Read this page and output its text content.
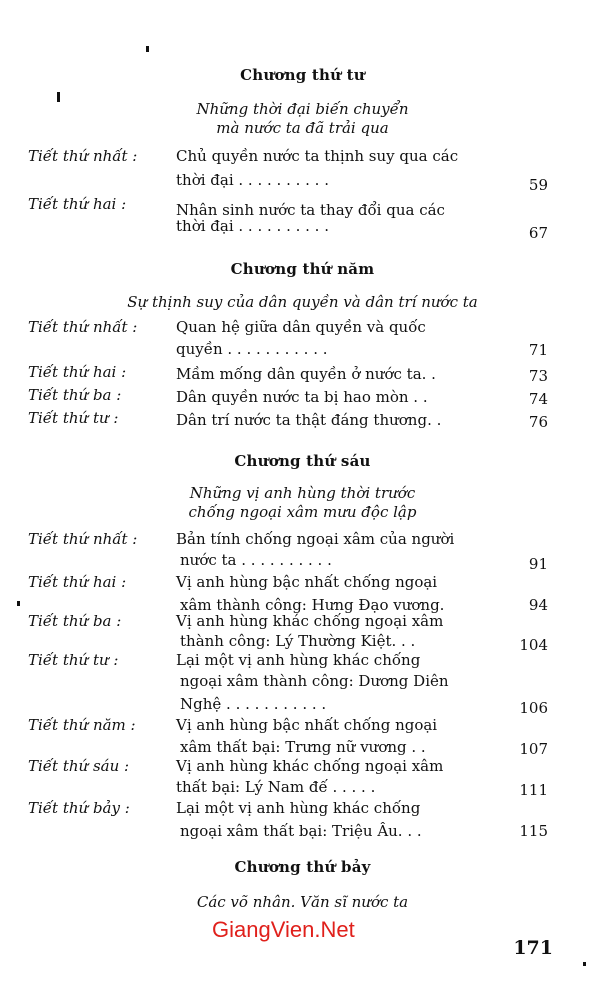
Chương thứ tư
Những thời đại biến chuyển
mà nước ta đã trải qua
Tiết thứ nhất :	Chủ quyền nước ta thịnh suy qua các
thời đại . . . . . . . . . .	59
Tiết thứ hai :	Nhân sinh nước ta thay đổi qua các
thời đại . . . . . . . . . .	67
Chương thứ năm
Sự thịnh suy của dân quyền và dân trí nước ta
Tiết thứ nhất :	Quan hệ giữa dân quyền và quốc
quyền . . . . . . . . . . .	71
Tiết thứ hai :	Mầm mống dân quyền ở nước ta. .	73
Tiết thứ ba :	Dân quyền nước ta bị hao mòn . .	74
Tiết thứ tư :	Dân trí nước ta thật đáng thương. .	76
Chương thứ sáu
Những vị anh hùng thời trước
chống ngoại xâm mưu độc lập
Tiết thứ nhất :	Bản tính chống ngoại xâm của người
nước ta . . . . . . . . . .	91
Tiết thứ hai :	Vị anh hùng bậc nhất chống ngoại
xâm thành công: Hưng Đạo vương.	94
Tiết thứ ba :	Vị anh hùng khác chống ngoại xâm
thành công: Lý Thường Kiệt. . .	104
Tiết thứ tư :	Lại một vị anh hùng khác chống
ngoại xâm thành công: Dương Diên
Nghệ . . . . . . . . . . .	106
Tiết thứ năm :	Vị anh hùng bậc nhất chống ngoại
xâm thất bại: Trưng nữ vương . .	107
Tiết thứ sáu :	Vị anh hùng khác chống ngoại xâm
thất bại: Lý Nam đế . . . . .	111
Tiết thứ bảy :	Lại một vị anh hùng khác chống
ngoại xâm thất bại: Triệu Âu. . .	115
Chương thứ bảy
Các võ nhân. Văn sĩ nước ta
GiangVien.Net
171
